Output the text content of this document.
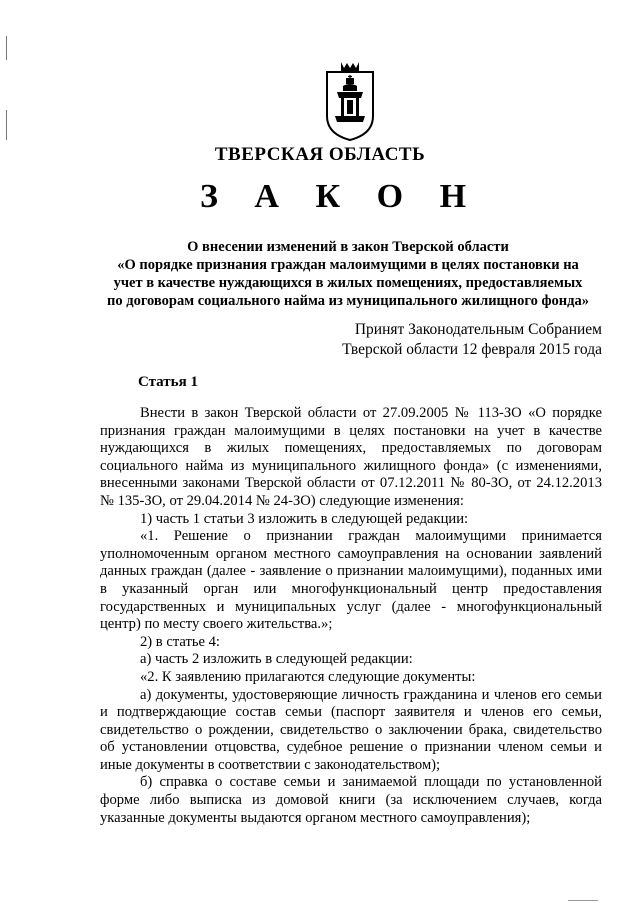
ТВЕРСКАЯ ОБЛАСТЬ
З А К О Н
О внесении изменений в закон Тверской области
«О порядке признания граждан малоимущими в целях постановки на
учет в качестве нуждающихся в жилых помещениях, предоставляемых
по договорам социального найма из муниципального жилищного фонда»
Принят Законодательным Собранием
Тверской области 12 февраля 2015 года
Статья 1

Внести в закон Тверской области от 27.09.2005 № 113-ЗО «О порядке признания граждан малоимущими в целях постановки на учет в качестве нуждающихся в жилых помещениях, предоставляемых по договорам социального найма из муниципального жилищного фонда» (с изменениями, внесенными законами Тверской области от 07.12.2011 № 80-ЗО, от 24.12.2013 № 135-ЗО, от 29.04.2014 № 24-ЗО) следующие изменения:

1) часть 1 статьи 3 изложить в следующей редакции:

«1. Решение о признании граждан малоимущими принимается уполномоченным органом местного самоуправления на основании заявлений данных граждан (далее - заявление о признании малоимущими), поданных ими в указанный орган или многофункциональный центр предоставления государственных и муниципальных услуг (далее - многофункциональный центр) по месту своего жительства.»;

2) в статье 4:

а) часть 2 изложить в следующей редакции:

«2. К заявлению прилагаются следующие документы:

а) документы, удостоверяющие личность гражданина и членов его семьи и подтверждающие состав семьи (паспорт заявителя и членов его семьи, свидетельство о рождении, свидетельство о заключении брака, свидетельство об установлении отцовства, судебное решение о признании членом семьи и иные документы в соответствии с законодательством);

б) справка о составе семьи и занимаемой площади по установленной форме либо выписка из домовой книги (за исключением случаев, когда указанные документы выдаются органом местного самоуправления);
